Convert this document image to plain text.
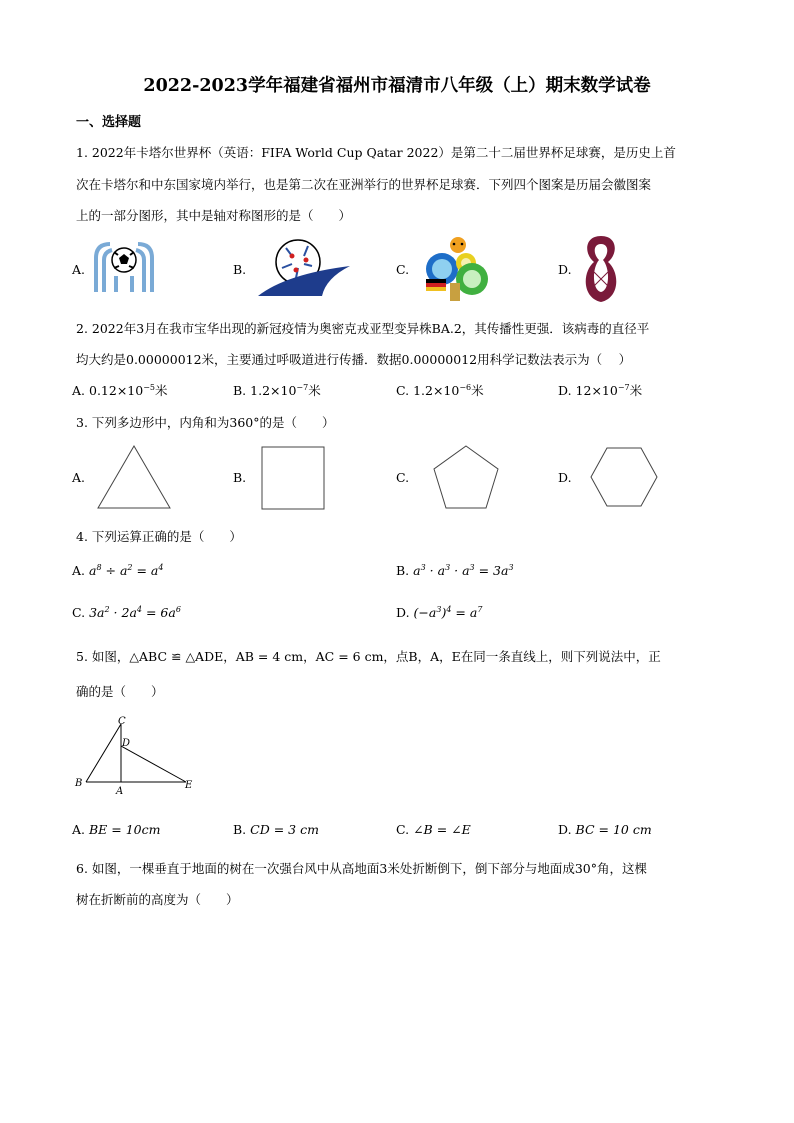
2022-2023学年福建省福州市福清市八年级（上）期末数学试卷
一、选择题
1. 2022年卡塔尔世界杯（英语：FIFA World Cup Qatar 2022）是第二十二届世界杯足球赛，是历史上首
次在卡塔尔和中东国家境内举行，也是第二次在亚洲举行的世界杯足球赛．下列四个图案是历届会徽图案
上的一部分图形，其中是轴对称图形的是（　　）
A.	B.	C.	D.
2. 2022年3月在我市宝华出现的新冠疫情为奥密克戎亚型变异株BA.2，其传播性更强．该病毒的直径平
均大约是0.00000012米，主要通过呼吸道进行传播．数据0.00000012用科学记数法表示为（　 ）
A. $0.12\times 10^{-5}$米	B. $1.2\times 10^{-7}$米	C. $1.2\times 10^{-6}$米	D. $12\times 10^{-7}$米
3. 下列多边形中，内角和为360°的是（　　）
A.	B.	C.	D.
4. 下列运算正确的是（　　）
A. $a^8 \div a^2 = a^4$	B. $a^3 \cdot a^3 \cdot a^3 = 3a^3$
C. $3a^2 \cdot 2a^4 = 6a^6$	D. $(-a^3)^4 = a^7$
5. 如图，△ABC ≌ △ADE，AB = 4 cm，AC = 6 cm，点B，A，E在同一条直线上，则下列说法中，正
确的是（　　）
C
D
B
A
E
A. BE = 10cm	B. CD = 3 cm	C. ∠B = ∠E	D. BC = 10 cm
6. 如图，一棵垂直于地面的树在一次强台风中从高地面3米处折断倒下，倒下部分与地面成30°角，这棵
树在折断前的高度为（　　）
